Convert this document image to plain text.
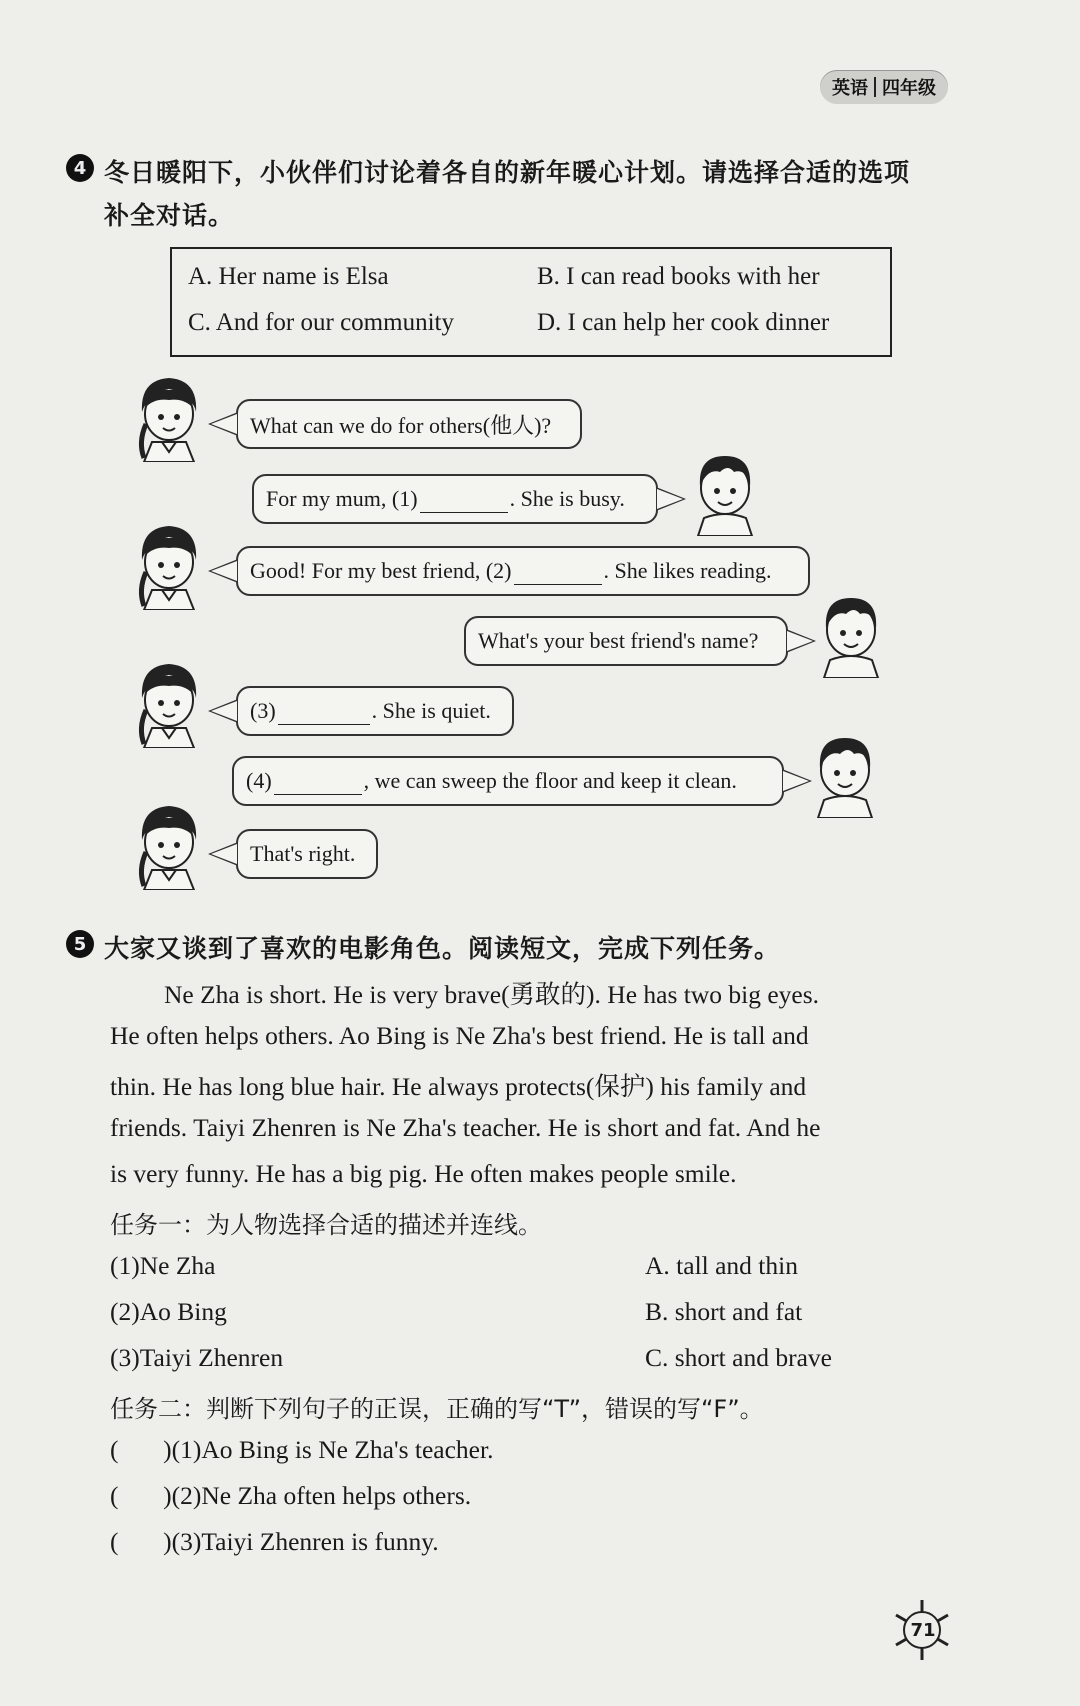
英语 四年级
4 冬日暖阳下，小伙伴们讨论着各自的新年暖心计划。请选择合适的选项
补全对话。
A. Her name is Elsa	B. I can read books with her
C. And for our community	D. I can help her cook dinner
What can we do for others(他人)?
For my mum, (1)
	. She is busy.
Good! For my best friend, (2)
	. She likes reading.
What's your best friend's name?
(3)
	. She is quiet.
(4)
	, we can sweep the floor and keep it clean.
That's right.
5 大家又谈到了喜欢的电影角色。阅读短文，完成下列任务。
Ne Zha is short. He is very brave(勇敢的). He has two big eyes.
He often helps others. Ao Bing is Ne Zha's best friend. He is tall and
thin. He has long blue hair. He always protects(保护) his family and
friends. Taiyi Zhenren is Ne Zha's teacher. He is short and fat. And he
is very funny. He has a big pig. He often makes people smile.
任务一：为人物选择合适的描述并连线。
(1)Ne Zha	A. tall and thin
(2)Ao Bing	B. short and fat
(3)Taiyi Zhenren	C. short and brave
任务二：判断下列句子的正误，正确的写“T”，错误的写“F”。
(       )(1)Ao Bing is Ne Zha's teacher.
(       )(2)Ne Zha often helps others.
(       )(3)Taiyi Zhenren is funny.
71
